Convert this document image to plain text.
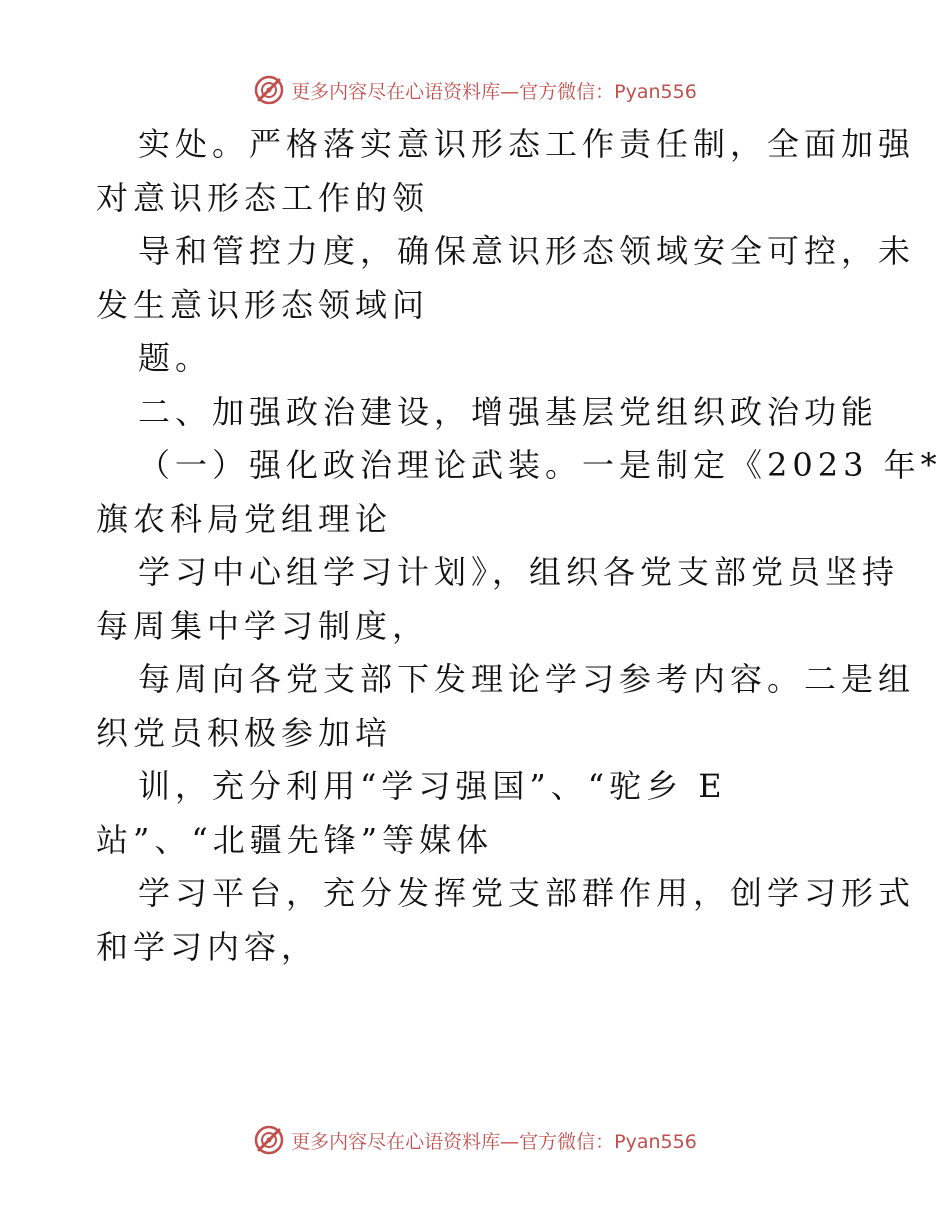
更多内容尽在心语资料库—官方微信：Pyan556
实处。严格落实意识形态工作责任制，全面加强
对意识形态工作的领
导和管控力度，确保意识形态领域安全可控，未
发生意识形态领域问
题。
二、加强政治建设，增强基层党组织政治功能
（一）强化政治理论武装。一是制定《2023 年*
旗农科局党组理论
学习中心组学习计划》，组织各党支部党员坚持
每周集中学习制度，
每周向各党支部下发理论学习参考内容。二是组
织党员积极参加培
训，充分利用“学习强国”、“驼乡 E
站”、“北疆先锋”等媒体
学习平台，充分发挥党支部群作用，创学习形式
和学习内容，
更多内容尽在心语资料库—官方微信：Pyan556
